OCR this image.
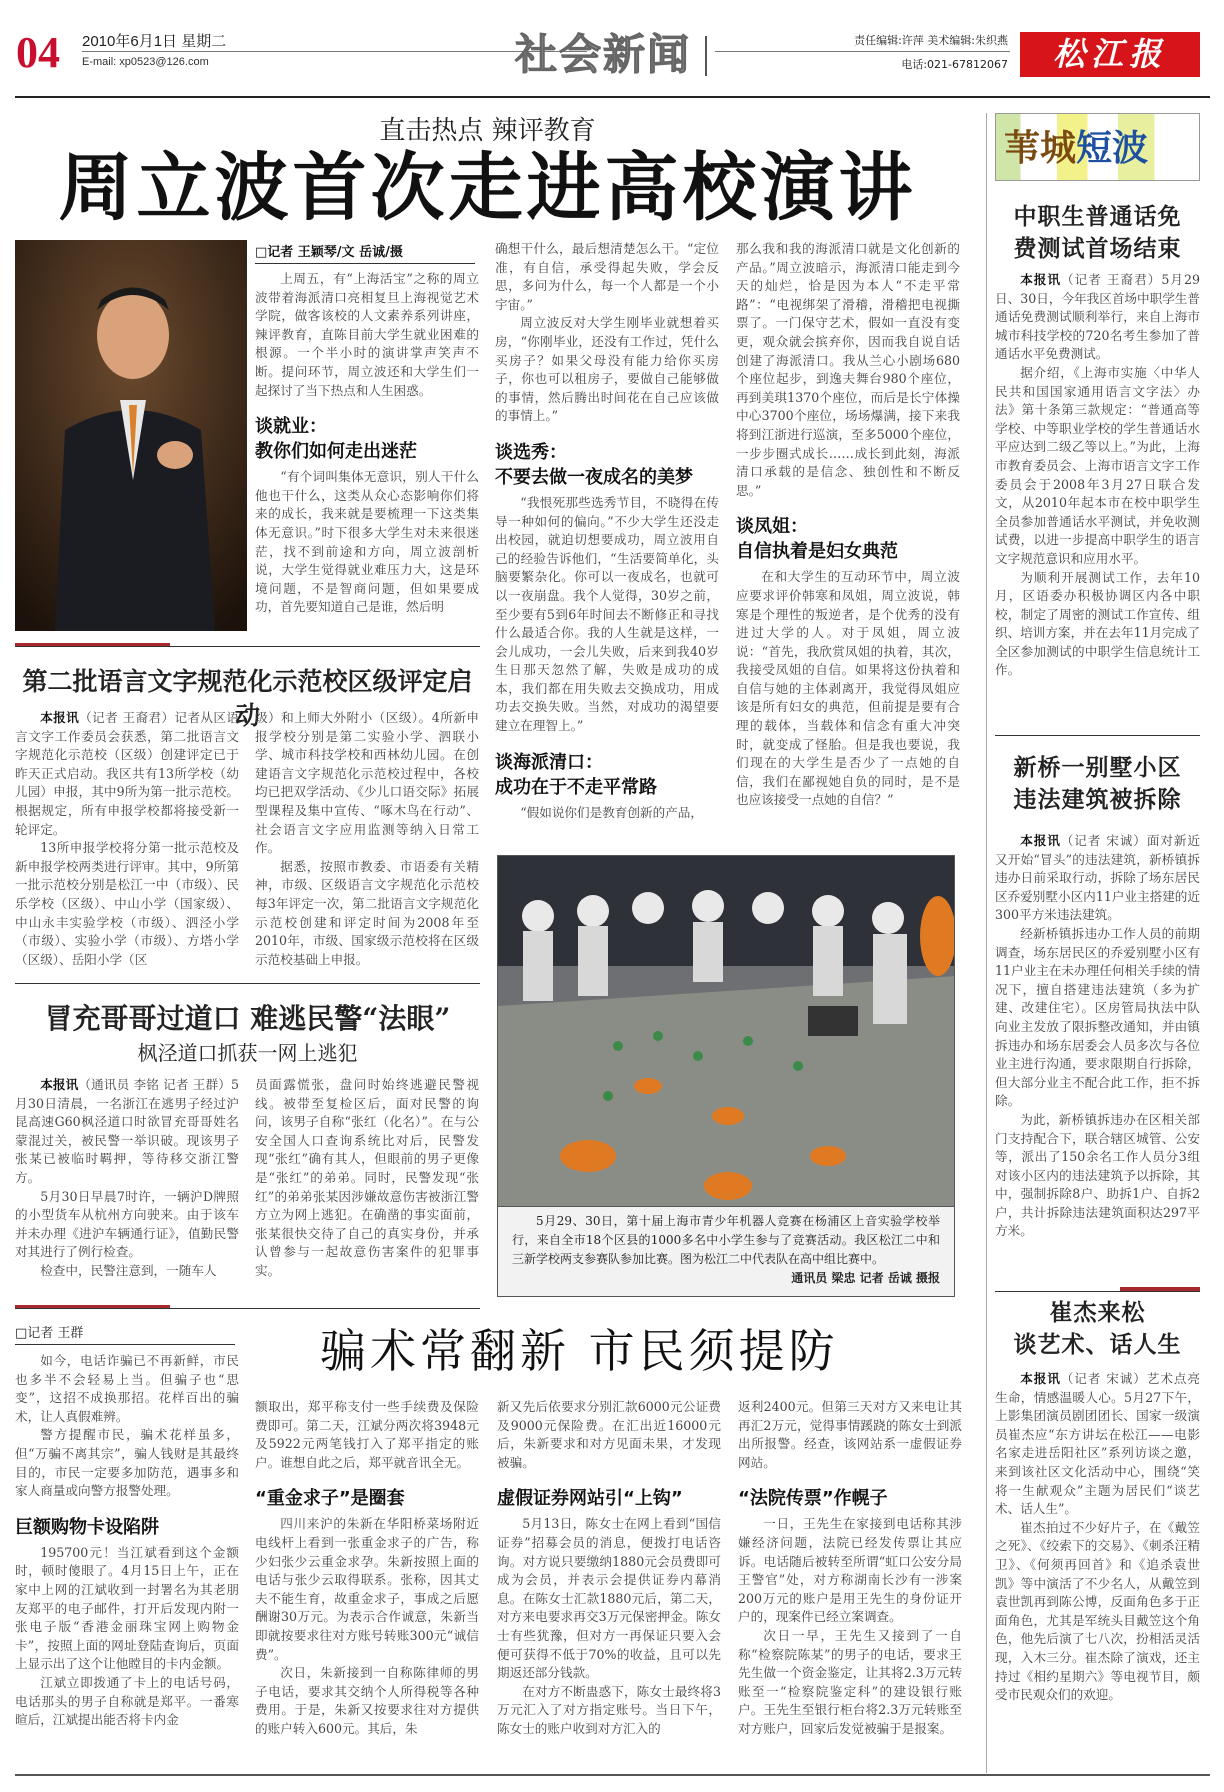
04 2010年6月1日 星期二
E-mail: xp0523@126.com	社会新闻	责任编辑:许萍 美术编辑:朱织燕
电话:021-67812067	松江报
直击热点 辣评教育
周立波首次走进高校演讲
□记者 王颖琴/文 岳诚/摄
上周五，有“上海活宝”之称的周立波带着海派清口亮相复旦上海视觉艺术学院，做客该校的人文素养系列讲座，辣评教育，直陈目前大学生就业困难的根源。一个半小时的演讲掌声笑声不断。提问环节，周立波还和大学生们一起探讨了当下热点和人生困惑。
谈就业：
教你们如何走出迷茫
“有个词叫集体无意识，别人干什么他也干什么，这类从众心态影响你们将来的成长，我来就是要梳理一下这类集体无意识。”时下很多大学生对未来很迷茫，找不到前途和方向，周立波剖析说，大学生觉得就业难压力大，这是环境问题，不是智商问题，但如果要成功，首先要知道自己是谁，然后明
确想干什么，最后想清楚怎么干。“定位准，有自信，承受得起失败，学会反思，多问为什么，每一个人都是一个小宇宙。”
周立波反对大学生刚毕业就想着买房，“你刚毕业，还没有工作过，凭什么买房子？如果父母没有能力给你买房子，你也可以租房子，要做自己能够做的事情，然后腾出时间花在自己应该做的事情上。”
谈选秀：
不要去做一夜成名的美梦
“我恨死那些选秀节目，不晓得在传导一种如何的偏向。”不少大学生还没走出校园，就迫切想要成功，周立波用自己的经验告诉他们，“生活要简单化，头脑要繁杂化。你可以一夜成名，也就可以一夜崩盘。我个人觉得，30岁之前，至少要有5到6年时间去不断修正和寻找什么最适合你。我的人生就是这样，一会儿成功，一会儿失败，后来到我40岁生日那天忽然了解，失败是成功的成本，我们都在用失败去交换成功，用成功去交换失败。当然，对成功的渴望要建立在理智上。”
谈海派清口：
成功在于不走平常路
“假如说你们是教育创新的产品，
那么我和我的海派清口就是文化创新的产品。”周立波暗示，海派清口能走到今天的灿烂，恰是因为本人“不走平常路”：“电视绑架了滑稽，滑稽把电视撕票了。一门保守艺术，假如一直没有变更，观众就会摈弃你，因而我自说自话创建了海派清口。我从兰心小剧场680个座位起步，到逸夫舞台980个座位，再到美琪1370个座位，而后是长宁体操中心3700个座位，场场爆满，接下来我将到江浙进行巡演，至多5000个座位，一步步圈式成长……成长到此刻，海派清口承载的是信念、独创性和不断反思。”
谈凤姐：
自信执着是妇女典范
在和大学生的互动环节中，周立波应要求评价韩寒和凤姐，周立波说，韩寒是个理性的叛逆者，是个优秀的没有进过大学的人。对于凤姐，周立波说：“首先，我欣赏凤姐的执着，其次，我接受凤姐的自信。如果将这份执着和自信与她的主体剥离开，我觉得凤姐应该是所有妇女的典范，但前提是要有合理的载体，当载体和信念有重大冲突时，就变成了怪胎。但是我也要说，我们现在的大学生是否少了一点她的自信，我们在鄙视她自负的同时，是不是也应该接受一点她的自信？”
第二批语言文字规范化示范校区级评定启动
本报讯（记者 王裔君）记者从区语言文字工作委员会获悉，第二批语言文字规范化示范校（区级）创建评定已于昨天正式启动。我区共有13所学校（幼儿园）申报，其中9所为第一批示范校。根据规定，所有申报学校都将接受新一轮评定。
13所申报学校将分第一批示范校及新申报学校两类进行评审。其中，9所第一批示范校分别是松江一中（市级）、民乐学校（区级）、中山小学（国家级）、中山永丰实验学校（市级）、泗泾小学（市级）、实验小学（市级）、方塔小学（区级）、岳阳小学（区
级）和上师大外附小（区级）。4所新申报学校分别是第二实验小学、泗联小学、城市科技学校和西林幼儿园。在创建语言文字规范化示范校过程中，各校均已把双学活动、《少儿口语交际》拓展型课程及集中宣传、“啄木鸟在行动”、社会语言文字应用监测等纳入日常工作。
据悉，按照市教委、市语委有关精神，市级、区级语言文字规范化示范校每3年评定一次，第二批语言文字规范化示范校创建和评定时间为2008年至2010年，市级、国家级示范校将在区级示范校基础上申报。
冒充哥哥过道口 难逃民警“法眼”
枫泾道口抓获一网上逃犯
本报讯（通讯员 李铭 记者 王群）5月30日清晨，一名浙江在逃男子经过沪昆高速G60枫泾道口时欲冒充哥哥姓名蒙混过关，被民警一举识破。现该男子张某已被临时羁押，等待移交浙江警方。
5月30日早晨7时许，一辆沪D牌照的小型货车从杭州方向驶来。由于该车并未办理《进沪车辆通行证》，值勤民警对其进行了例行检查。
检查中，民警注意到，一随车人
员面露慌张，盘问时始终逃避民警视线。被带至复检区后，面对民警的询问，该男子自称“张红（化名）”。在与公安全国人口查询系统比对后，民警发现“张红”确有其人，但眼前的男子更像是“张红”的弟弟。同时，民警发现“张红”的弟弟张某因涉嫌故意伤害被浙江警方立为网上逃犯。在确凿的事实面前，张某很快交待了自己的真实身份，并承认曾参与一起故意伤害案件的犯罪事实。
5月29、30日，第十届上海市青少年机器人竞赛在杨浦区上音实验学校举行，来自全市18个区县的1000多名中小学生参与了竞赛活动。我区松江二中和三新学校两支参赛队参加比赛。图为松江二中代表队在高中组比赛中。
通讯员 梁忠 记者 岳诚 摄报
□记者 王群	骗术常翻新 市民须提防
如今，电话诈骗已不再新鲜，市民也多半不会轻易上当。但骗子也“思变”，这招不成换那招。花样百出的骗术，让人真假难辨。
警方提醒市民，骗术花样虽多，但“万骗不离其宗”，骗人钱财是其最终目的，市民一定要多加防范，遇事多和家人商量或向警方报警处理。
巨额购物卡设陷阱
195700元！当江斌看到这个金额时，顿时傻眼了。4月15日上午，正在家中上网的江斌收到一封署名为其老朋友郑平的电子邮件，打开后发现内附一张电子版“香港金丽珠宝网上购物金卡”，按照上面的网址登陆查询后，页面上显示出了这个让他瞠目的卡内金额。
江斌立即拨通了卡上的电话号码，电话那头的男子自称就是郑平。一番寒暄后，江斌提出能否将卡内金
额取出，郑平称支付一些手续费及保险费即可。第二天，江斌分两次将3948元及5922元两笔钱打入了郑平指定的账户。谁想自此之后，郑平就音讯全无。
“重金求子”是圈套
四川来沪的朱新在华阳桥菜场附近电线杆上看到一张重金求子的广告，称少妇张少云重金求孕。朱新按照上面的电话与张少云取得联系。张称，因其丈夫不能生育，故重金求子，事成之后愿酬谢30万元。为表示合作诚意，朱新当即就按要求往对方账号转账300元“诚信费”。
次日，朱新接到一自称陈律师的男子电话，要求其交纳个人所得税等各种费用。于是，朱新又按要求往对方提供的账户转入600元。其后，朱
新又先后依要求分别汇款6000元公证费及9000元保险费。在汇出近16000元后，朱新要求和对方见面未果，才发现被骗。
虚假证券网站引“上钩”
5月13日，陈女士在网上看到“国信证券”招募会员的消息，便拨打电话咨询。对方说只要缴纳1880元会员费即可成为会员，并表示会提供证券内幕消息。在陈女士汇款1880元后，第二天，对方来电要求再交3万元保密押金。陈女士有些犹豫，但对方一再保证只要入会便可获得不低于70%的收益，且可以先期返还部分钱款。
在对方不断蛊惑下，陈女士最终将3万元汇入了对方指定账号。当日下午，陈女士的账户收到对方汇入的
返利2400元。但第三天对方又来电让其再汇2万元，觉得事情蹊跷的陈女士到派出所报警。经查，该网站系一虚假证券网站。
“法院传票”作幌子
一日，王先生在家接到电话称其涉嫌经济问题，法院已经发传票让其应诉。电话随后被转至所谓“虹口公安分局王警官”处，对方称湖南长沙有一涉案200万元的账户是用王先生的身份证开户的，现案件已经立案调查。
次日一早，王先生又接到了一自称“检察院陈某”的男子的电话，要求王先生做一个资金鉴定，让其将2.3万元转账至一“检察院鉴定科”的建设银行账户。王先生至银行柜台将2.3万元转账至对方账户，回家后发觉被骗于是报案。
苇城短波
中职生普通话免
费测试首场结束
本报讯（记者 王裔君）5月29日、30日，今年我区首场中职学生普通话免费测试顺利举行，来自上海市城市科技学校的720名考生参加了普通话水平免费测试。
据介绍，《上海市实施〈中华人民共和国国家通用语言文字法〉办法》第十条第三款规定：“普通高等学校、中等职业学校的学生普通话水平应达到二级乙等以上。”为此，上海市教育委员会、上海市语言文字工作委员会于2008年3月27日联合发文，从2010年起本市在校中职学生全员参加普通话水平测试，并免收测试费，以进一步提高中职学生的语言文字规范意识和应用水平。
为顺利开展测试工作，去年10月，区语委办积极协调区内各中职校，制定了周密的测试工作宣传、组织、培训方案，并在去年11月完成了全区参加测试的中职学生信息统计工作。
新桥一别墅小区
违法建筑被拆除
本报讯（记者 宋诚）面对新近又开始“冒头”的违法建筑，新桥镇拆违办日前采取行动，拆除了场东居民区乔爱别墅小区内11户业主搭建的近300平方米违法建筑。
经新桥镇拆违办工作人员的前期调查，场东居民区的乔爱别墅小区有11户业主在未办理任何相关手续的情况下，擅自搭建违法建筑（多为扩建、改建住宅）。区房管局执法中队向业主发放了限拆整改通知，并由镇拆违办和场东居委会人员多次与各位业主进行沟通，要求限期自行拆除，但大部分业主不配合此工作，拒不拆除。
为此，新桥镇拆违办在区相关部门支持配合下，联合辖区城管、公安等，派出了150余名工作人员分3组对该小区内的违法建筑予以拆除，其中，强制拆除8户、助拆1户、自拆2户，共计拆除违法建筑面积达297平方米。
崔杰来松
谈艺术、话人生
本报讯（记者 宋诚）艺术点亮生命，情感温暖人心。5月27下午，上影集团演员剧团团长、国家一级演员崔杰应“东方讲坛在松江——电影名家走进岳阳社区”系列访谈之邀，来到该社区文化活动中心，围绕“笑将一生献观众”主题为居民们“谈艺术、话人生”。
崔杰拍过不少好片子，在《戴笠之死》、《绞索下的交易》、《刺杀汪精卫》、《何须再回首》和《追杀袁世凯》等中演活了不少名人，从戴笠到袁世凯再到陈公博，反面角色多于正面角色，尤其是军统头目戴笠这个角色，他先后演了七八次，扮相活灵活现，入木三分。崔杰除了演戏，还主持过《相约星期六》等电视节目，颇受市民观众们的欢迎。
